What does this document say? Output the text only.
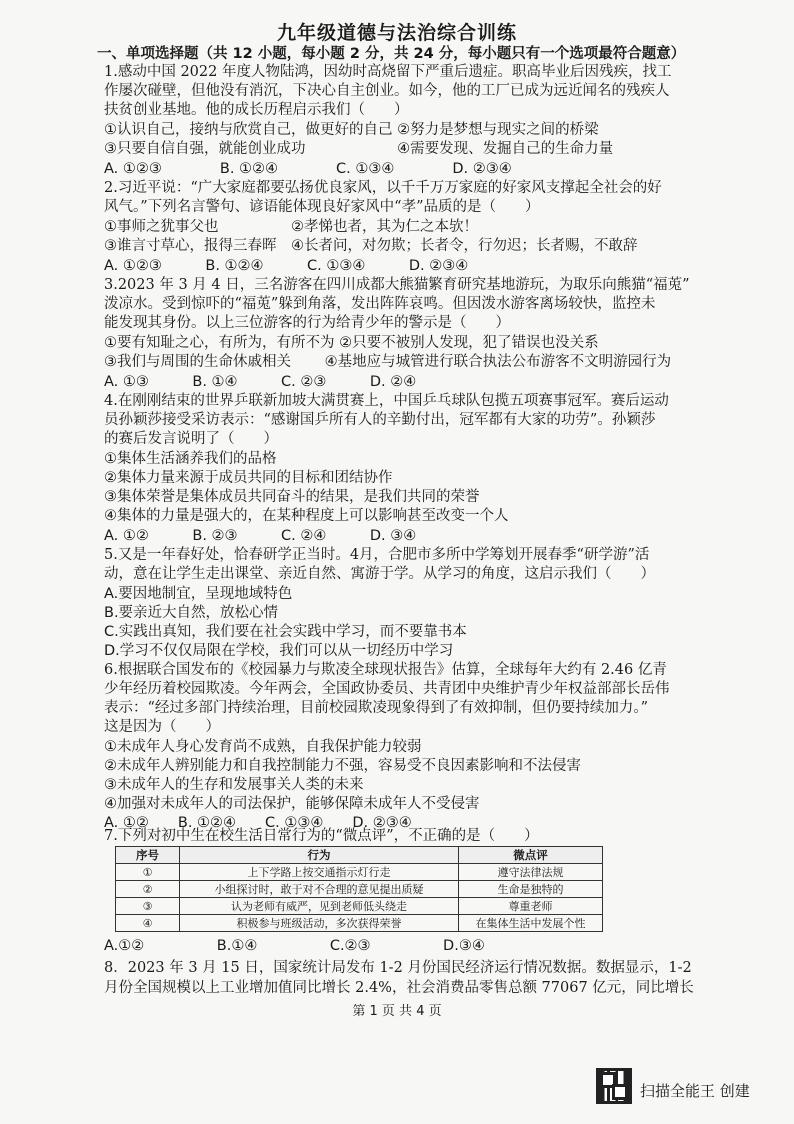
九年级道德与法治综合训练
一、单项选择题（共 12 小题，每小题 2 分，共 24 分，每小题只有一个选项最符合题意）
1.感动中国 2022 年度人物陆鸿，因幼时高烧留下严重后遗症。职高毕业后因残疾，找工
作屡次碰壁，但他没有消沉，下决心自主创业。如今，他的工厂已成为远近闻名的残疾人
扶贫创业基地。他的成长历程启示我们（　　）
①认识自己，接纳与欣赏自己，做更好的自己 ②努力是梦想与现实之间的桥梁
③只要自信自强，就能创业成功　　　　　　 ④需要发现、发掘自己的生命力量
A. ①②③　　　　B. ①②④　　　　C. ①③④　　　　D. ②③④
2.习近平说：“广大家庭都要弘扬优良家风，以千千万万家庭的好家风支撑起全社会的好
风气。”下列名言警句、谚语能体现良好家风中“孝”品质的是（　　）
①事师之犹事父也　　　　　②孝悌也者，其为仁之本欤！
③谁言寸草心，报得三春晖　④长者问，对勿欺；长者令，行勿迟；长者赐，不敢辞
A. ①②③　　　B. ①②④　　　C. ①③④　　　D. ②③④
3.2023 年 3 月 4 日，三名游客在四川成都大熊猫繁育研究基地游玩，为取乐向熊猫“福莵”
泼凉水。受到惊吓的“福莵”躲到角落，发出阵阵哀鸣。但因泼水游客离场较快，监控未
能发现其身份。以上三位游客的行为给青少年的警示是（　　）
①要有知耻之心，有所为，有所不为 ②只要不被别人发现，犯了错误也没关系
③我们与周围的生命休戚相关　　 ④基地应与城管进行联合执法公布游客不文明游园行为
A. ①③　　　B. ①④　　　C. ②③　　　D. ②④
4.在刚刚结束的世界乒联新加坡大满贯赛上，中国乒乓球队包揽五项赛事冠军。赛后运动
员孙颖莎接受采访表示：“感谢国乒所有人的辛勤付出，冠军都有大家的功劳”。孙颖莎
的赛后发言说明了（　　）
①集体生活涵养我们的品格
②集体力量来源于成员共同的目标和团结协作
③集体荣誉是集体成员共同奋斗的结果，是我们共同的荣誉
④集体的力量是强大的，在某种程度上可以影响甚至改变一个人
A. ①②　　　B. ②③　　　C. ②④　　　D. ③④
5.又是一年春好处，恰春研学正当时。4月，合肥市多所中学筹划开展春季“研学游”活
动，意在让学生走出课堂、亲近自然、寓游于学。从学习的角度，这启示我们（　　）
A.要因地制宜，呈现地域特色
B.要亲近大自然，放松心情
C.实践出真知，我们要在社会实践中学习，而不要靠书本
D.学习不仅仅局限在学校，我们可以从一切经历中学习
6.根据联合国发布的《校园暴力与欺凌全球现状报告》估算，全球每年大约有 2.46 亿青
少年经历着校园欺凌。今年两会，全国政协委员、共青团中央维护青少年权益部部长岳伟
表示：“经过多部门持续治理，目前校园欺凌现象得到了有效抑制，但仍要持续加力。”
这是因为（　　）
①未成年人身心发育尚不成熟，自我保护能力较弱
②未成年人辨别能力和自我控制能力不强，容易受不良因素影响和不法侵害
③未成年人的生存和发展事关人类的未来
④加强对未成年人的司法保护，能够保障未成年人不受侵害
A. ①②　　B. ①②④　　C. ①③④　　D. ②③④
7.下列对初中生在校生活日常行为的“微点评”，不正确的是（　　）
序号	行为	微点评
①	上下学路上按交通指示灯行走	遵守法律法规
②	小组探讨时，敢于对不合理的意见提出质疑	生命是独特的
③	认为老师有威严，见到老师低头绕走	尊重老师
④	积极参与班级活动，多次获得荣誉	在集体生活中发展个性
A.①②　　　　　B.①④　　　　　C.②③　　　　　D.③④
8．2023 年 3 月 15 日，国家统计局发布 1-2 月份国民经济运行情况数据。数据显示，1-2
月份全国规模以上工业增加值同比增长 2.4%，社会消费品零售总额 77067 亿元，同比增长
第 1 页 共 4 页
扫描全能王 创建
